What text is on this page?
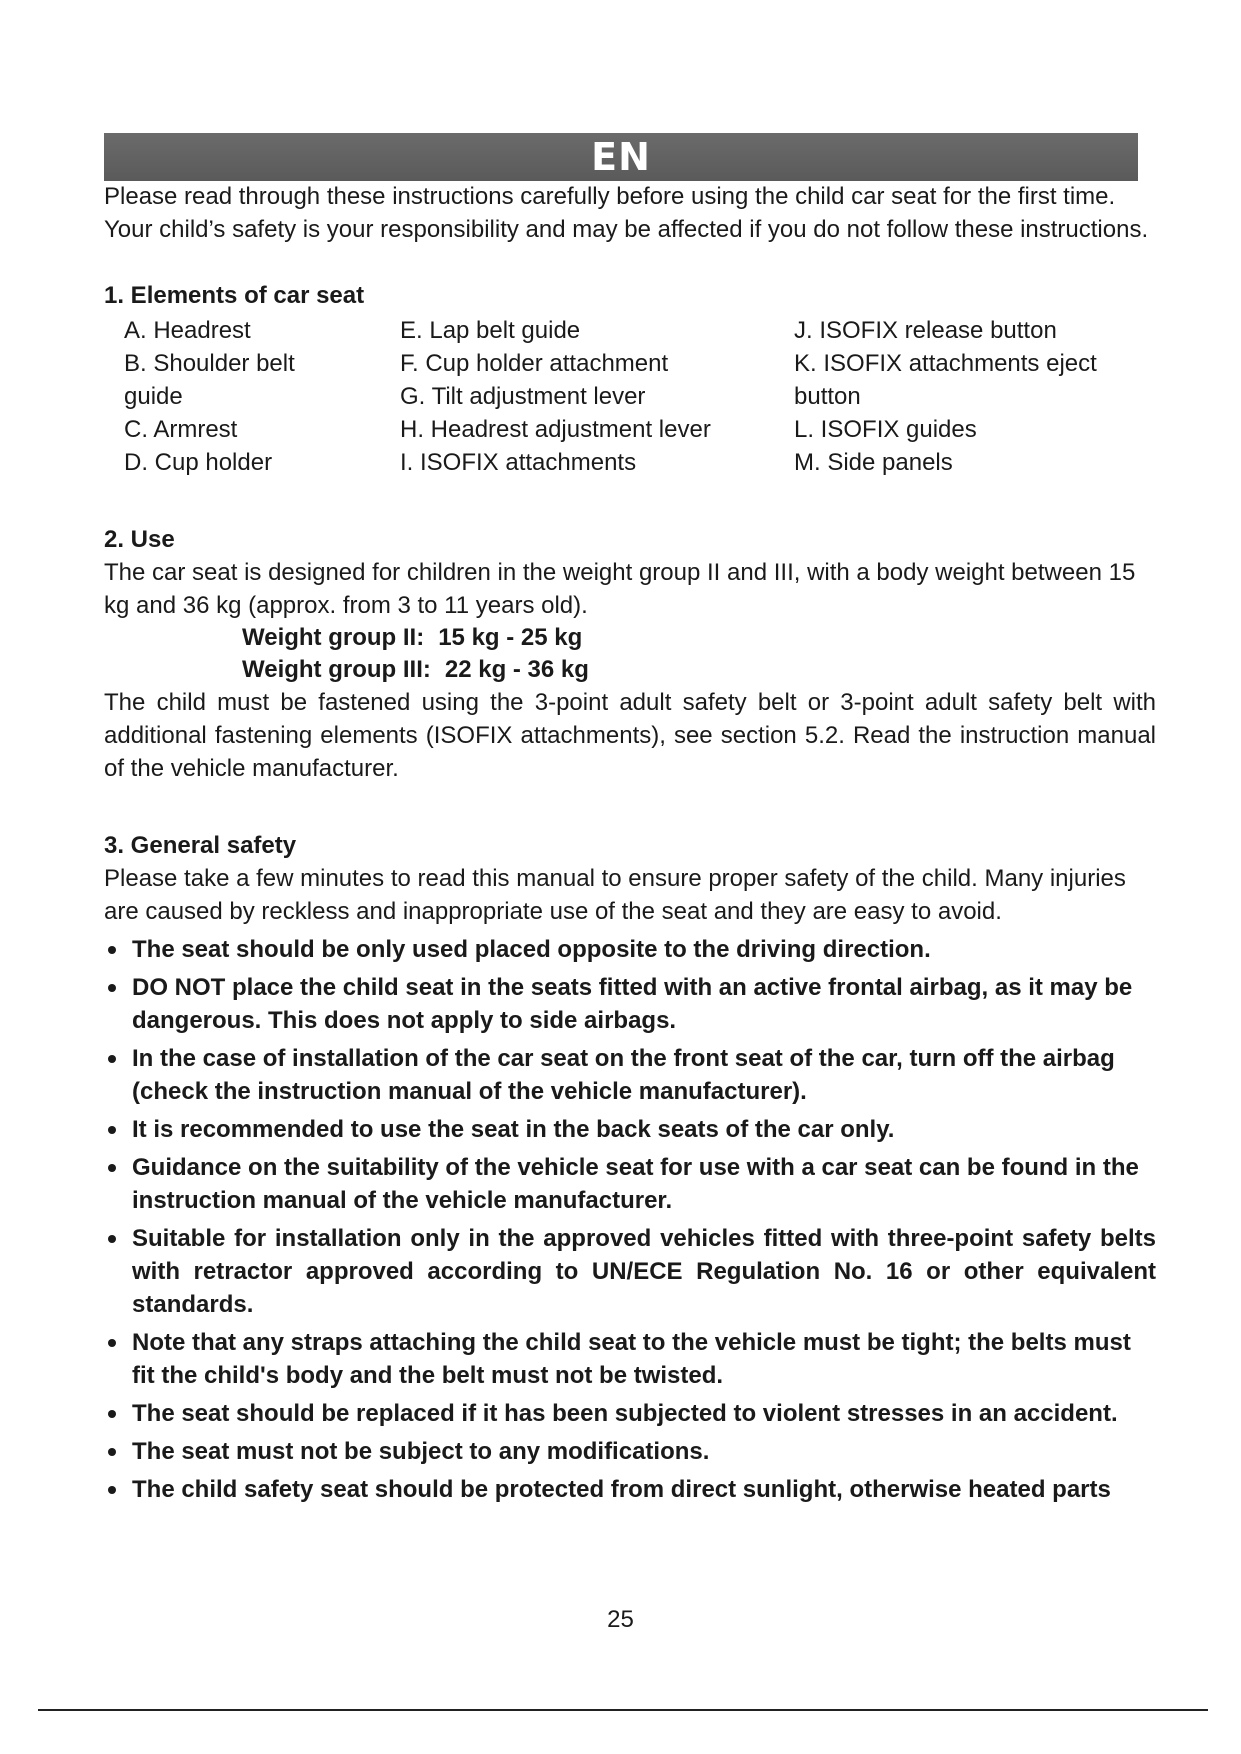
EN

Please read through these instructions carefully before using the child car seat for the first time. Your child’s safety is your responsibility and may be affected if you do not follow these instructions.

1. Elements of car seat

A. Headrest
B. Shoulder belt
guide
C. Armrest
D. Cup holder
E. Lap belt guide
F. Cup holder attachment
G. Tilt adjustment lever
H. Headrest adjustment lever
I. ISOFIX attachments
J. ISOFIX release button
K. ISOFIX attachments eject
button
L. ISOFIX guides
M. Side panels

2. Use

The car seat is designed for children in the weight group II and III, with a body weight between 15 kg and 36 kg (approx. from 3 to 11 years old).

Weight group II: 15 kg - 25 kg
Weight group III: 22 kg - 36 kg

The child must be fastened using the 3-point adult safety belt or 3-point adult safety belt with additional fastening elements (ISOFIX attachments), see section 5.2. Read the instruction manual of the vehicle manufacturer.

3. General safety

Please take a few minutes to read this manual to ensure proper safety of the child. Many injuries are caused by reckless and inappropriate use of the seat and they are easy to avoid.

The seat should be only used placed opposite to the driving direction.
DO NOT place the child seat in the seats fitted with an active frontal airbag, as it may be dangerous. This does not apply to side airbags.
In the case of installation of the car seat on the front seat of the car, turn off the airbag (check the instruction manual of the vehicle manufacturer).
It is recommended to use the seat in the back seats of the car only.
Guidance on the suitability of the vehicle seat for use with a car seat can be found in the instruction manual of the vehicle manufacturer.
Suitable for installation only in the approved vehicles fitted with three-point safety belts with retractor approved according to UN/ECE Regulation No. 16 or other equivalent standards.
Note that any straps attaching the child seat to the vehicle must be tight; the belts must fit the child's body and the belt must not be twisted.
The seat should be replaced if it has been subjected to violent stresses in an accident.
The seat must not be subject to any modifications.
The child safety seat should be protected from direct sunlight, otherwise heated parts
25
